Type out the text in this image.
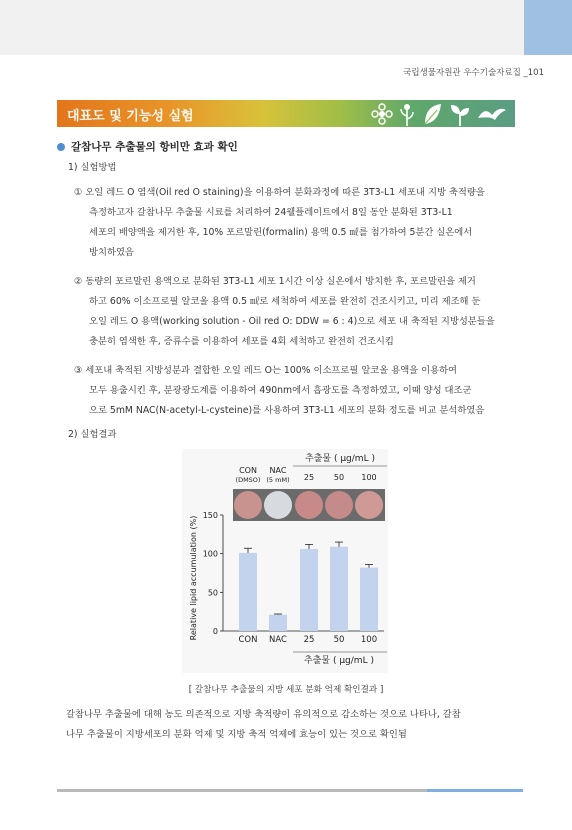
국립생물자원관 우수기술자료집 _101
대표도 및 기능성 실험
갈참나무 추출물의 항비만 효과 확인
1) 실험방법
① 오일 레드 O 염색(Oil red O staining)을 이용하여 분화과정에 따른 3T3-L1 세포내 지방 축적량을
측정하고자 갈참나무 추출물 시료를 처리하여 24웰플레이트에서 8일 동안 분화된 3T3-L1
세포의 배양액을 제거한 후, 10% 포르말린(formalin) 용액 0.5 ㎖를 첨가하여 5분간 실온에서
방치하였음
② 동량의 포르말린 용액으로 분화된 3T3-L1 세포 1시간 이상 실온에서 방치한 후, 포르말린을 제거
하고 60% 이소프로필 알코올 용액 0.5 ㎖로 세척하여 세포를 완전히 건조시키고, 미리 제조해 둔
오일 레드 O 용액(working solution - Oil red O: DDW = 6 : 4)으로 세포 내 축적된 지방성분들을
충분히 염색한 후, 증류수를 이용하여 세포를 4회 세척하고 완전히 건조시킴
③ 세포내 축적된 지방성분과 결합한 오일 레드 O는 100% 이소프로필 알코올 용액을 이용하여
모두 용출시킨 후, 분광광도계를 이용하여 490nm에서 흡광도를 측정하였고, 이때 양성 대조군
으로 5mM NAC(N-acetyl-L-cysteine)를 사용하여 3T3-L1 세포의 분화 정도를 비교 분석하였음
2) 실험결과
추출물 ( μg/mL )
CON NAC
25 50 100
(DMSO) (5 mM)
Relative lipid accumulation (%) 0
50
100
150
CON NAC 25 50 100
추출물 ( μg/mL )
[ 갈참나무 추출물의 지방 세포 분화 억제 확인결과 ]
갈참나무 추출물에 대해 농도 의존적으로 지방 축적량이 유의적으로 감소하는 것으로 나타나, 갈참
나무 추출물이 지방세포의 분화 억제 및 지방 축적 억제에 효능이 있는 것으로 확인됨
